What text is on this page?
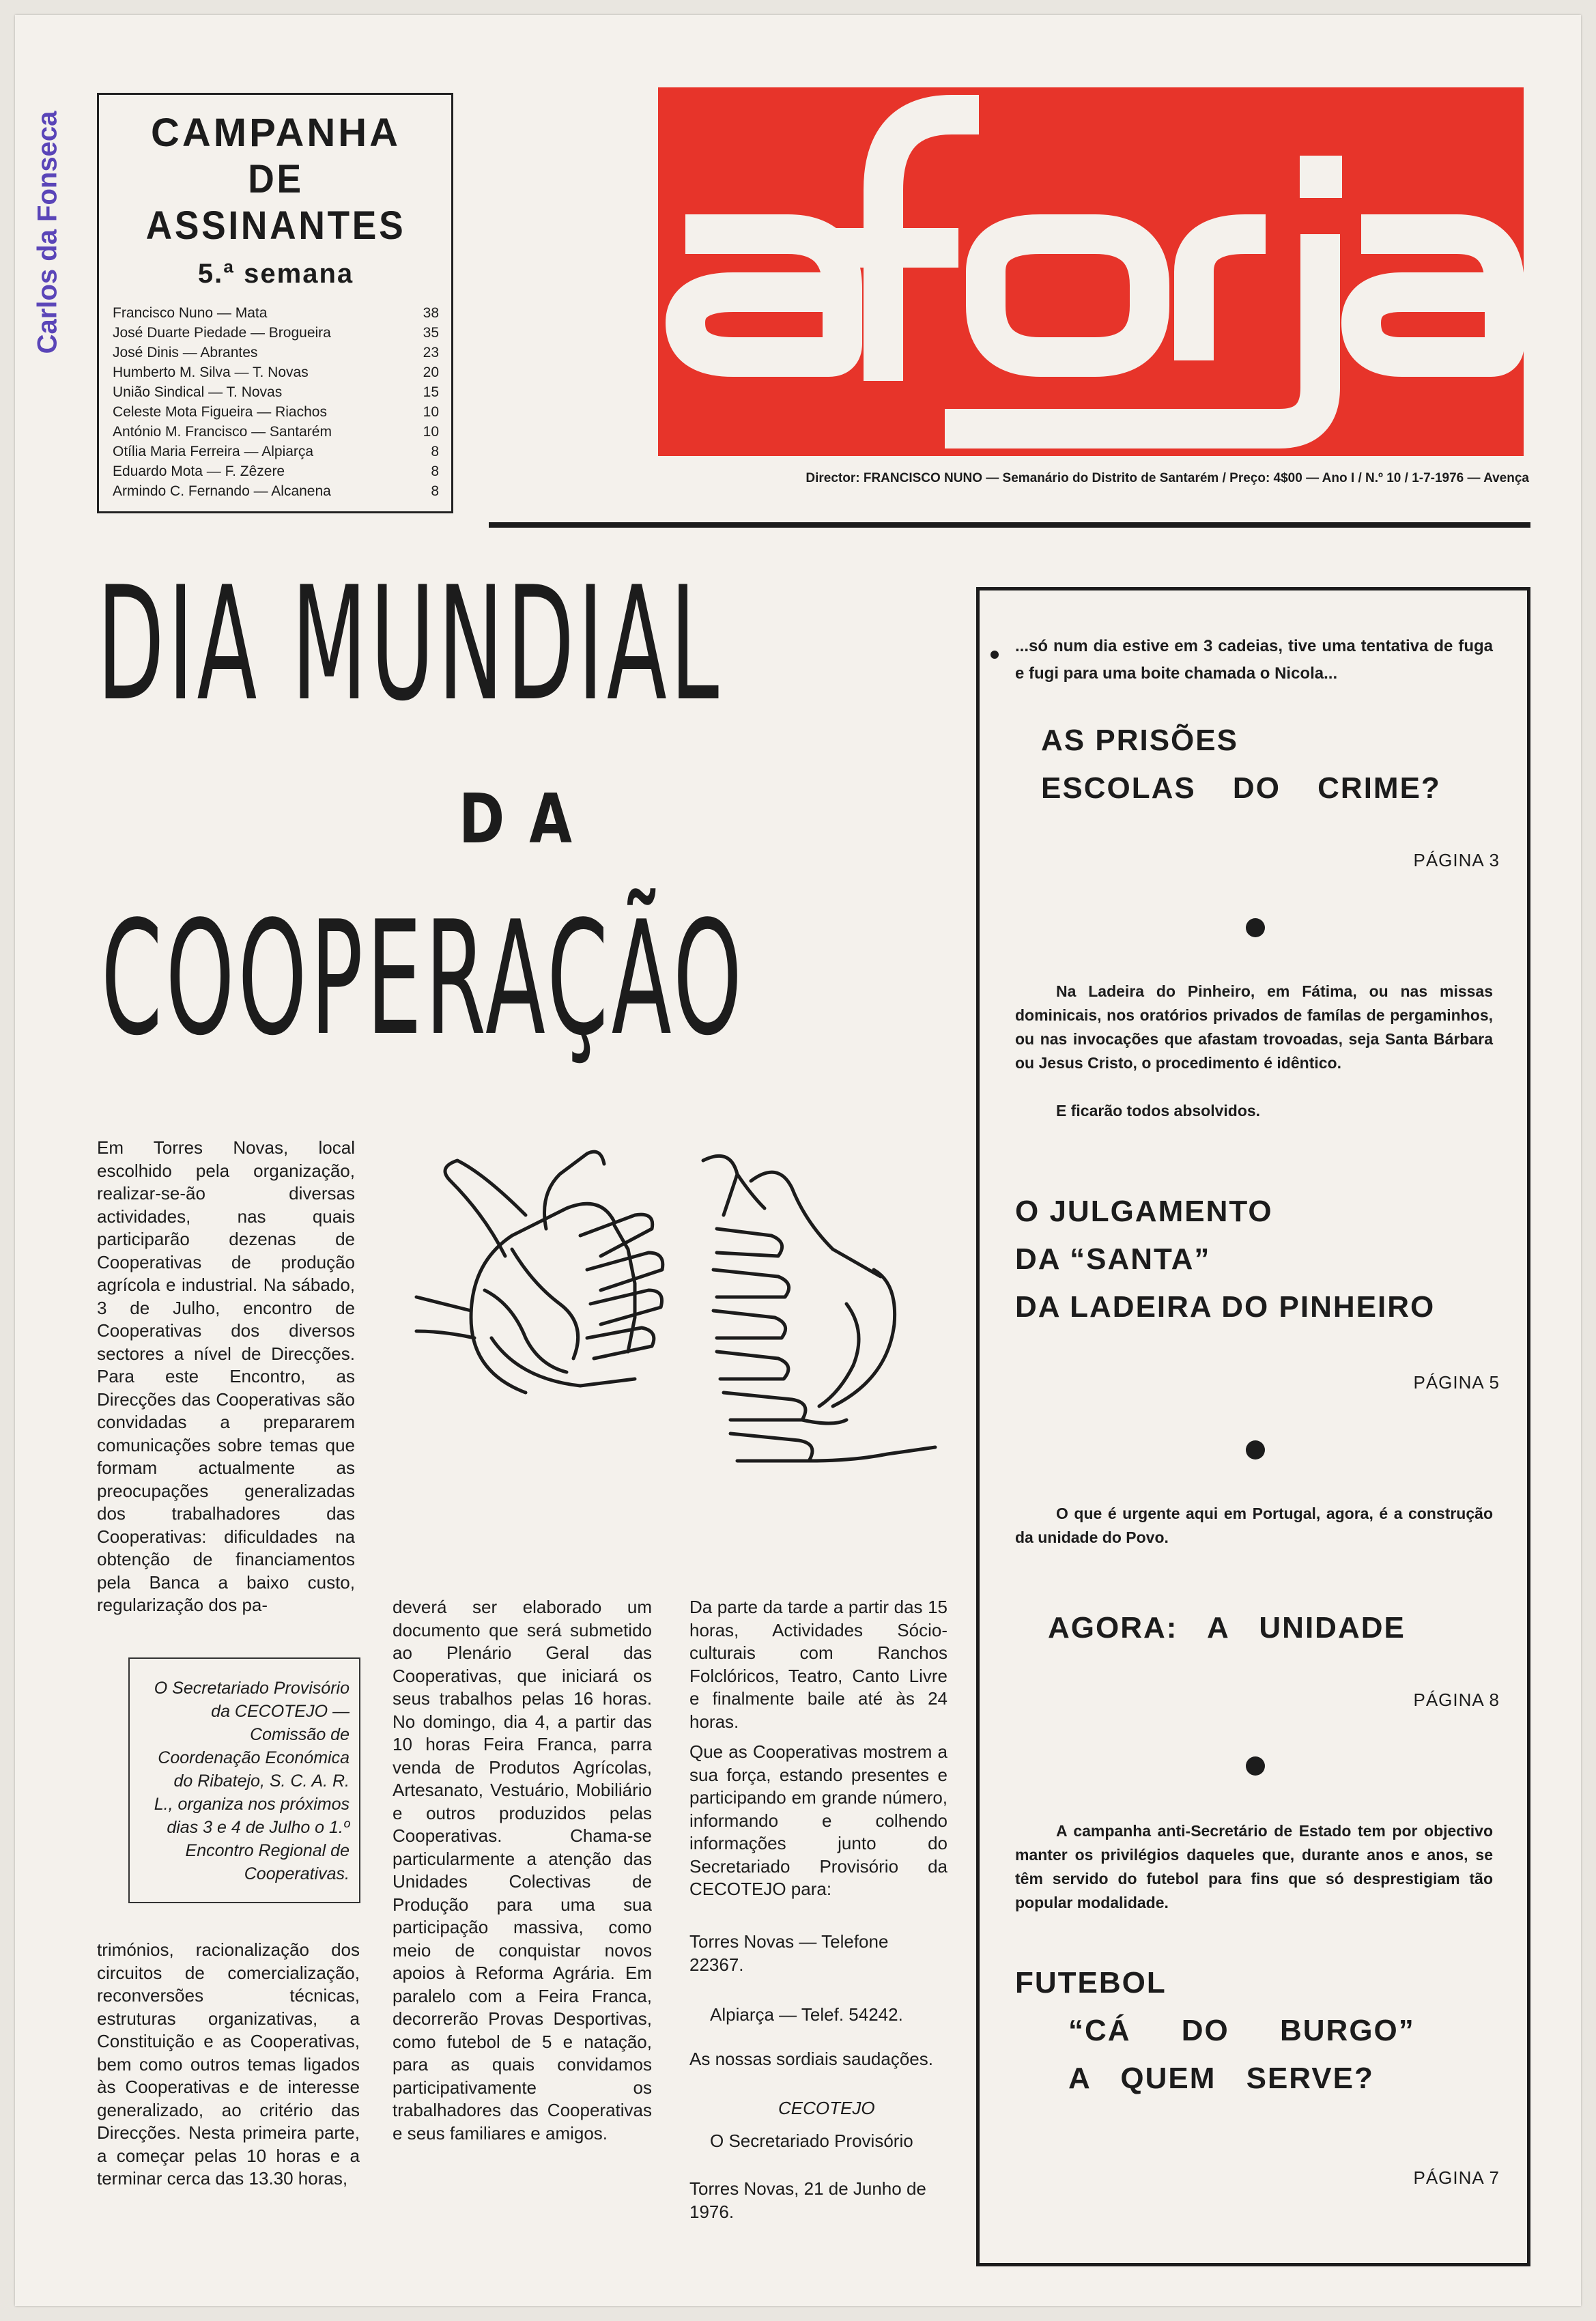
Carlos da Fonseca	CAMPANHA
DE ASSINANTES
5.ª semana
Francisco Nuno — Mata	38
José Duarte Piedade — Brogueira	35
José Dinis — Abrantes	23
Humberto M. Silva — T. Novas	20
União Sindical — T. Novas	15
Celeste Mota Figueira — Riachos	10
António M. Francisco — Santarém	10
Otília Maria Ferreira — Alpiarça	8
Eduardo Mota — F. Zêzere	8
Armindo C. Fernando — Alcanena	8
Director: FRANCISCO NUNO — Semanário do Distrito de Santarém / Preço: 4$00 — Ano I / N.º 10 / 1-7-1976 — Avença
DIA MUNDIAL
DA
COOPERAÇÃO
Em Torres Novas, local escolhido pela organização, realizar-se-ão diversas actividades, nas quais participarão dezenas de Cooperativas de produção agrícola e industrial. Na sábado, 3 de Julho, encontro de Cooperativas dos diversos sectores a nível de Direcções. Para este Encontro, as Direcções das Cooperativas são convidadas a prepararem comunicações sobre temas que formam actualmente as preocupações generalizadas dos trabalhadores das Cooperativas: dificuldades na obtenção de financiamentos pela Banca a baixo custo, regularização dos pa-
O Secretariado Provisório da CECOTEJO — Comissão de Coordenação Económica do Ribatejo, S. C. A. R. L., organiza nos próximos dias 3 e 4 de Julho o 1.º Encontro Regional de Cooperativas.
trimónios, racionalização dos circuitos de comercialização, reconversões técnicas, estruturas organizativas, a Constituição e as Cooperativas, bem como outros temas ligados às Cooperativas e de interesse generalizado, ao critério das Direcções. Nesta primeira parte, a começar pelas 10 horas e a terminar cerca das 13.30 horas,
deverá ser elaborado um documento que será submetido ao Plenário Geral das Cooperativas, que iniciará os seus trabalhos pelas 16 horas. No domingo, dia 4, a partir das 10 horas Feira Franca, parra venda de Produtos Agrícolas, Artesanato, Vestuário, Mobiliário e outros produzidos pelas Cooperativas. Chama-se particularmente a atenção das Unidades Colectivas de Produção para uma sua participação massiva, como meio de conquistar novos apoios à Reforma Agrária. Em paralelo com a Feira Franca, decorrerão Provas Desportivas, como futebol de 5 e natação, para as quais convidamos participativamente os trabalhadores das Cooperativas e seus familiares e amigos.
Da parte da tarde a partir das 15 horas, Actividades Sócio-culturais com Ranchos Folclóricos, Teatro, Canto Livre e finalmente baile até às 24 horas.
Que as Cooperativas mostrem a sua força, estando presentes e participando em grande número, informando e colhendo informações junto do Secretariado Provisório da CECOTEJO para:
Torres Novas — Telefone 22367.
Alpiarça — Telef. 54242.
As nossas sordiais saudações.
CECOTEJO
O Secretariado Provisório
Torres Novas, 21 de Junho de 1976.
...só num dia estive em 3 cadeias, tive uma tentativa de fuga e fugi para uma boite chamada o Nicola...
AS PRISÕES
ESCOLAS DO CRIME?
PÁGINA 3
Na Ladeira do Pinheiro, em Fátima, ou nas missas dominicais, nos oratórios privados de famílas de pergaminhos, ou nas invocações que afastam trovoadas, seja Santa Bárbara ou Jesus Cristo, o procedimento é idêntico.
E ficarão todos absolvidos.
O JULGAMENTO
DA “SANTA”
DA LADEIRA DO PINHEIRO
PÁGINA 5
O que é urgente aqui em Portugal, agora, é a construção da unidade do Povo.
AGORA: A UNIDADE
PÁGINA 8
A campanha anti-Secretário de Estado tem por objectivo manter os privilégios daqueles que, durante anos e anos, se têm servido do futebol para fins que só desprestigiam tão popular modalidade.
FUTEBOL
“CÁ DO BURGO”
A QUEM SERVE?
PÁGINA 7
